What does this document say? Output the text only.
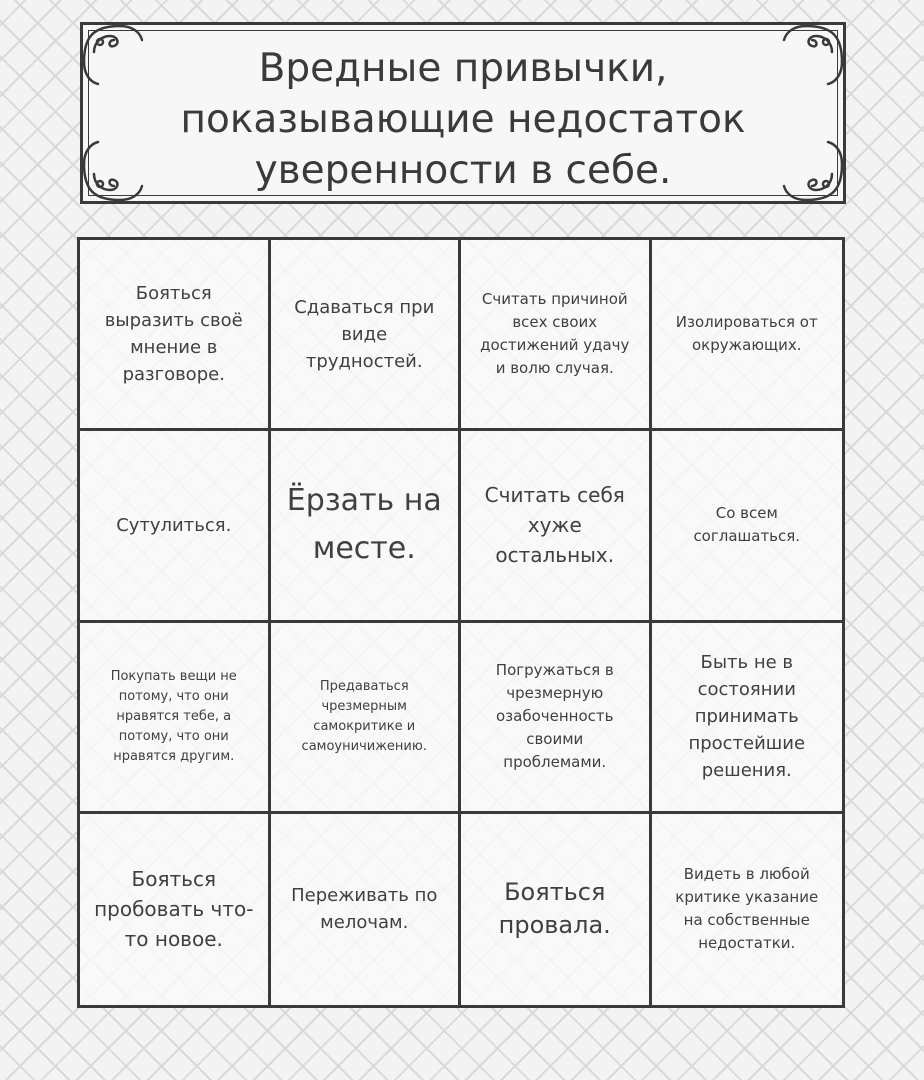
Вредные привычки,
показывающие недостаток
уверенности в себе.
Бояться выразить своё мнение в разговоре.
Сдаваться при виде трудностей.
Считать причиной всех своих достижений удачу и волю случая.
Изолироваться от окружающих.
Сутулиться.
Ёрзать на месте.
Считать себя хуже остальных.
Со всем соглашаться.
Покупать вещи не потому, что они нравятся тебе, а потому, что они нравятся другим.
Предаваться чрезмерным самокритике и самоуничижению.
Погружаться в чрезмерную озабоченность своими проблемами.
Быть не в состоянии принимать простейшие решения.
Бояться пробовать что-то новое.
Переживать по мелочам.
Бояться провала.
Видеть в любой критике указание на собственные недостатки.
